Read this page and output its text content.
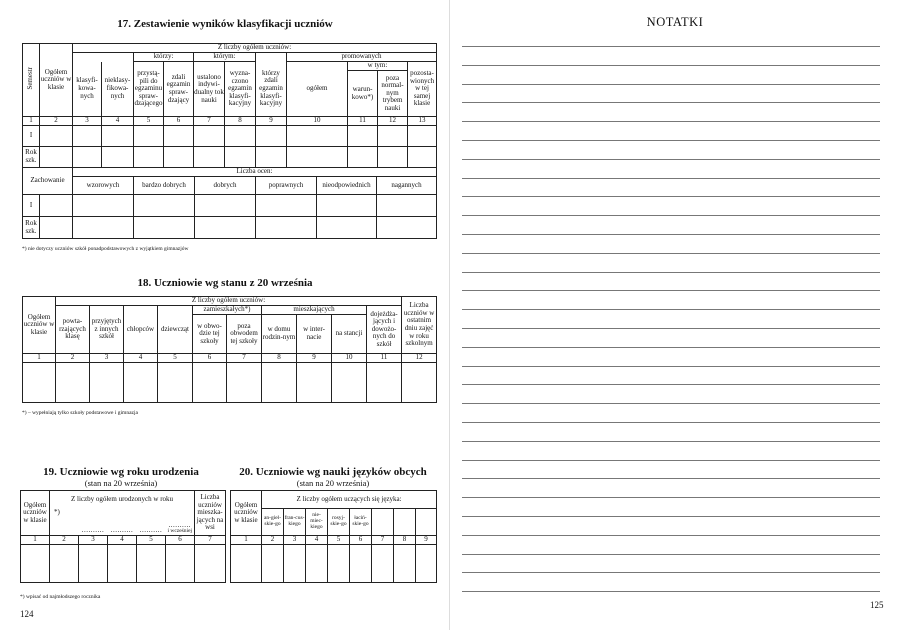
17. Zestawienie wyników klasyfikacji uczniów
Semestr	Ogółem uczniów w klasie	Z liczby ogółem uczniów:										
				którzy:		którym:			promowanych			
		klasyfi-kowa-nych	nieklasy-fikowa-nych	przystą-pili do egzaminu spraw-dzającego	zdali egzamin spraw-dzający	ustalono indywi-dualny tok nauki	wyzna-czono egzamin klasyfi-kacyjny	którzy zdali egzamin klasyfi-kacyjny	ogółem	w tym:		pozosta-wionych w tej samej klasie
										warun-kowo*)	poza normal-nym trybem nauki	
1	2	3	4	5	6	7	8	9	10	11	12	13
I												
Rok szk.												
Zachowanie		Liczba ocen:					
		wzorowych	bardzo dobrych	dobrych	poprawnych	nieodpowiednich	nagannych
I							
Rok szk.							
*) nie dotyczy uczniów szkół ponadpodstawowych z wyjątkiem gimnazjów
18. Uczniowie wg stanu z 20 września
Ogółem uczniów w klasie	Z liczby ogółem uczniów:										Liczba uczniów w ostatnim dniu zajęć w roku szkolnym
	powta-rzających klasę	przyjętych z innych szkół	chłopców	dziewcząt	zamieszkałych*)		mieszkających			dojeżdża-jących i dowożo-nych do szkół	
					w obwo-dzie tej szkoły	poza obwodem tej szkoły	w domu rodzin-nym	w inter-nacie	na stancji		
1	2	3	4	5	6	7	8	9	10	11	12

*) – wypełniają tylko szkoły podstawowe i gimnazja
19. Uczniowie wg roku urodzenia
(stan na 20 września)
Ogółem uczniów w klasie	Z liczby ogółem urodzonych w roku					Liczba uczniów mieszka-jących na wsi
	*)	..........	..........	..........	..........
i wcześniej	

1	2	3	4	5	6	7

*) wpisać od najmłodszego rocznika
20. Uczniowie wg nauki języków obcych
(stan na 20 września)
Ogółem uczniów w klasie	Z liczby ogółem uczących się języka:							
	an-giel-skie-go	fran-cus-kiego	nie-miec-kiego	rosyj-skie-go	łaciń-skie-go			
1	2	3	4	5	6	7	8	9

124
NOTATKI
125
